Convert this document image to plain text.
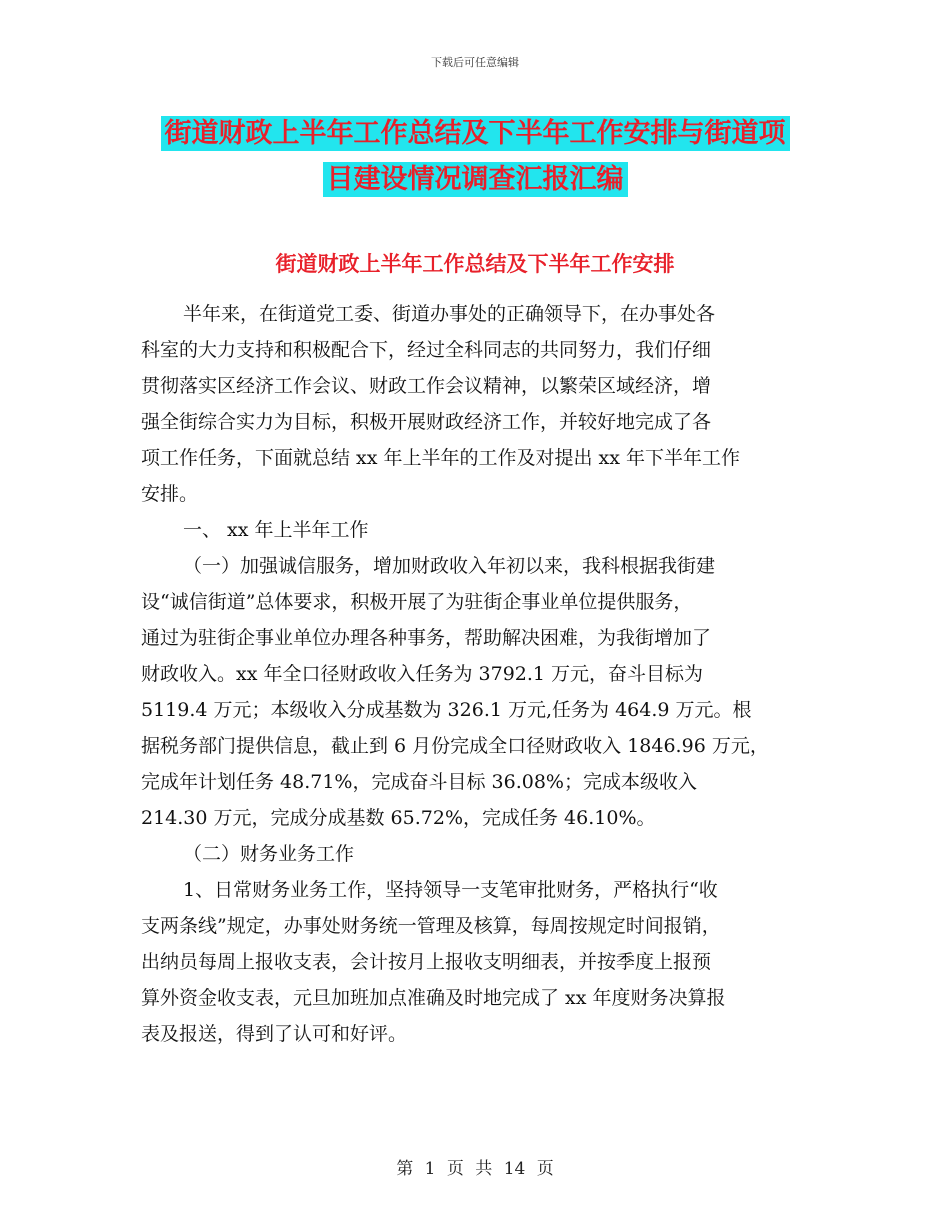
下载后可任意编辑
街道财政上半年工作总结及下半年工作安排与街道项
目建设情况调查汇报汇编
街道财政上半年工作总结及下半年工作安排
半年来，在街道党工委、街道办事处的正确领导下，在办事处各
科室的大力支持和积极配合下，经过全科同志的共同努力，我们仔细
贯彻落实区经济工作会议、财政工作会议精神，以繁荣区域经济，增
强全街综合实力为目标，积极开展财政经济工作，并较好地完成了各
项工作任务，下面就总结 xx 年上半年的工作及对提出 xx 年下半年工作
安排。
一、 xx 年上半年工作
（一）加强诚信服务，增加财政收入年初以来，我科根据我街建
设“诚信街道”总体要求，积极开展了为驻街企事业单位提供服务，
通过为驻街企事业单位办理各种事务，帮助解决困难，为我街增加了
财政收入。xx 年全口径财政收入任务为 3792.1 万元，奋斗目标为
5119.4 万元；本级收入分成基数为 326.1 万元,任务为 464.9 万元。根
据税务部门提供信息，截止到 6 月份完成全口径财政收入 1846.96 万元，
完成年计划任务 48.71%，完成奋斗目标 36.08%；完成本级收入
214.30 万元，完成分成基数 65.72%，完成任务 46.10%。
（二）财务业务工作
1、日常财务业务工作，坚持领导一支笔审批财务，严格执行“收
支两条线”规定，办事处财务统一管理及核算，每周按规定时间报销，
出纳员每周上报收支表，会计按月上报收支明细表，并按季度上报预
算外资金收支表，元旦加班加点准确及时地完成了 xx 年度财务决算报
表及报送，得到了认可和好评。
第 1 页 共 14 页
